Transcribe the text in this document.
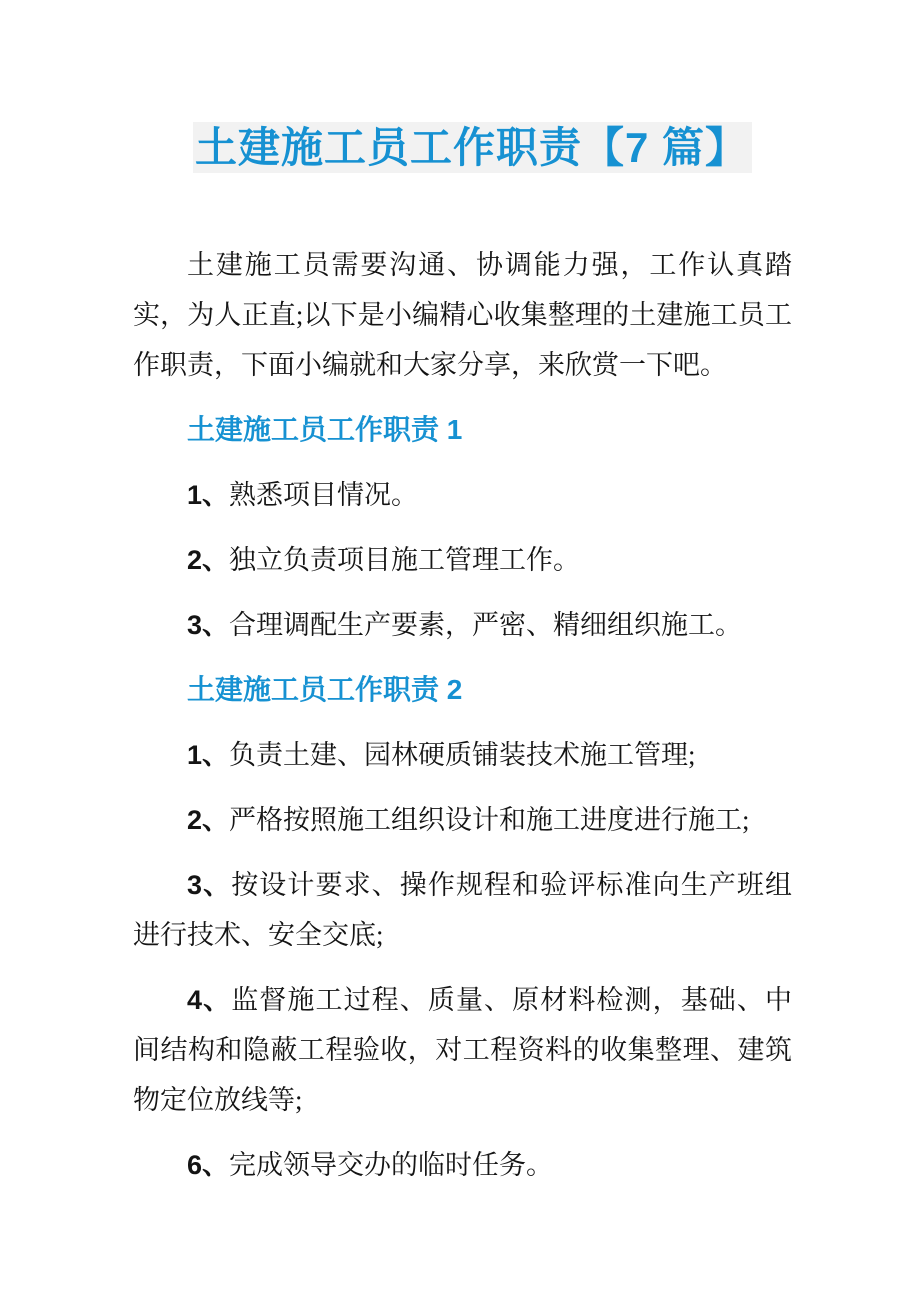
土建施工员工作职责【7 篇】

土建施工员需要沟通、协调能力强，工作认真踏实，为人正直;以下是小编精心收集整理的土建施工员工作职责，下面小编就和大家分享，来欣赏一下吧。

土建施工员工作职责 1

1、熟悉项目情况。

2、独立负责项目施工管理工作。

3、合理调配生产要素，严密、精细组织施工。

土建施工员工作职责 2

1、负责土建、园林硬质铺装技术施工管理;

2、严格按照施工组织设计和施工进度进行施工;

3、按设计要求、操作规程和验评标准向生产班组进行技术、安全交底;

4、监督施工过程、质量、原材料检测，基础、中间结构和隐蔽工程验收，对工程资料的收集整理、建筑物定位放线等;

6、完成领导交办的临时任务。
